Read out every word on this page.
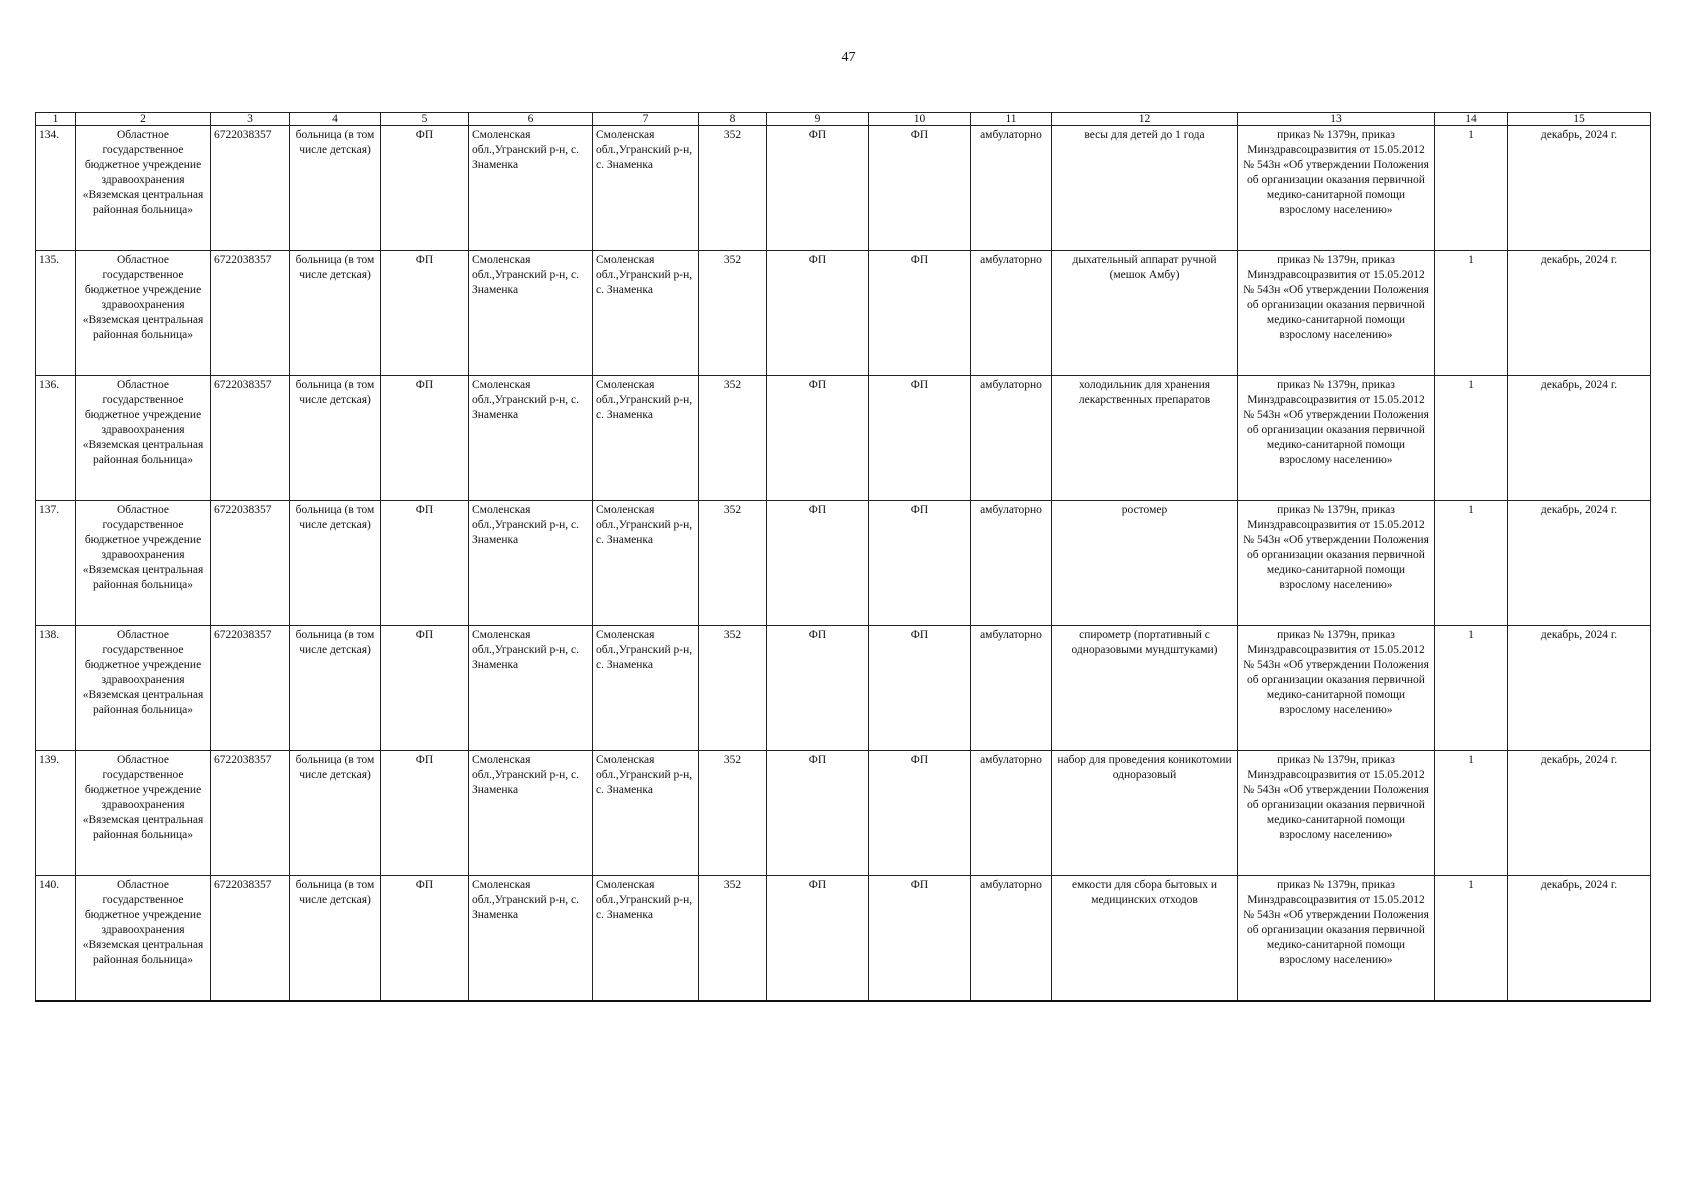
47
1	2	3	4	5	6	7	8	9	10	11	12	13	14	15
134.	Областное государственное бюджетное учреждение здравоохранения «Вяземская центральная районная больница»	6722038357	больница (в том числе детская)	ФП	Смоленская обл.,Угранский р-н, с. Знаменка	Смоленская обл.,Угранский р-н, с. Знаменка	352	ФП	ФП	амбулаторно	весы для детей до 1 года	приказ № 1379н, приказ Минздравсоцразвития от 15.05.2012 № 543н «Об утверждении Положения об организации оказания первичной медико-санитарной помощи взрослому населению»	1	декабрь, 2024 г.
135.	Областное государственное бюджетное учреждение здравоохранения «Вяземская центральная районная больница»	6722038357	больница (в том числе детская)	ФП	Смоленская обл.,Угранский р-н, с. Знаменка	Смоленская обл.,Угранский р-н, с. Знаменка	352	ФП	ФП	амбулаторно	дыхательный аппарат ручной (мешок Амбу)	приказ № 1379н, приказ Минздравсоцразвития от 15.05.2012 № 543н «Об утверждении Положения об организации оказания первичной медико-санитарной помощи взрослому населению»	1	декабрь, 2024 г.
136.	Областное государственное бюджетное учреждение здравоохранения «Вяземская центральная районная больница»	6722038357	больница (в том числе детская)	ФП	Смоленская обл.,Угранский р-н, с. Знаменка	Смоленская обл.,Угранский р-н, с. Знаменка	352	ФП	ФП	амбулаторно	холодильник для хранения лекарственных препаратов	приказ № 1379н, приказ Минздравсоцразвития от 15.05.2012 № 543н «Об утверждении Положения об организации оказания первичной медико-санитарной помощи взрослому населению»	1	декабрь, 2024 г.
137.	Областное государственное бюджетное учреждение здравоохранения «Вяземская центральная районная больница»	6722038357	больница (в том числе детская)	ФП	Смоленская обл.,Угранский р-н, с. Знаменка	Смоленская обл.,Угранский р-н, с. Знаменка	352	ФП	ФП	амбулаторно	ростомер	приказ № 1379н, приказ Минздравсоцразвития от 15.05.2012 № 543н «Об утверждении Положения об организации оказания первичной медико-санитарной помощи взрослому населению»	1	декабрь, 2024 г.
138.	Областное государственное бюджетное учреждение здравоохранения «Вяземская центральная районная больница»	6722038357	больница (в том числе детская)	ФП	Смоленская обл.,Угранский р-н, с. Знаменка	Смоленская обл.,Угранский р-н, с. Знаменка	352	ФП	ФП	амбулаторно	спирометр (портативный с одноразовыми мундштуками)	приказ № 1379н, приказ Минздравсоцразвития от 15.05.2012 № 543н «Об утверждении Положения об организации оказания первичной медико-санитарной помощи взрослому населению»	1	декабрь, 2024 г.
139.	Областное государственное бюджетное учреждение здравоохранения «Вяземская центральная районная больница»	6722038357	больница (в том числе детская)	ФП	Смоленская обл.,Угранский р-н, с. Знаменка	Смоленская обл.,Угранский р-н, с. Знаменка	352	ФП	ФП	амбулаторно	набор для проведения коникотомии одноразовый	приказ № 1379н, приказ Минздравсоцразвития от 15.05.2012 № 543н «Об утверждении Положения об организации оказания первичной медико-санитарной помощи взрослому населению»	1	декабрь, 2024 г.
140.	Областное государственное бюджетное учреждение здравоохранения «Вяземская центральная районная больница»	6722038357	больница (в том числе детская)	ФП	Смоленская обл.,Угранский р-н, с. Знаменка	Смоленская обл.,Угранский р-н, с. Знаменка	352	ФП	ФП	амбулаторно	емкости для сбора бытовых и медицинских отходов	приказ № 1379н, приказ Минздравсоцразвития от 15.05.2012 № 543н «Об утверждении Положения об организации оказания первичной медико-санитарной помощи взрослому населению»	1	декабрь, 2024 г.
